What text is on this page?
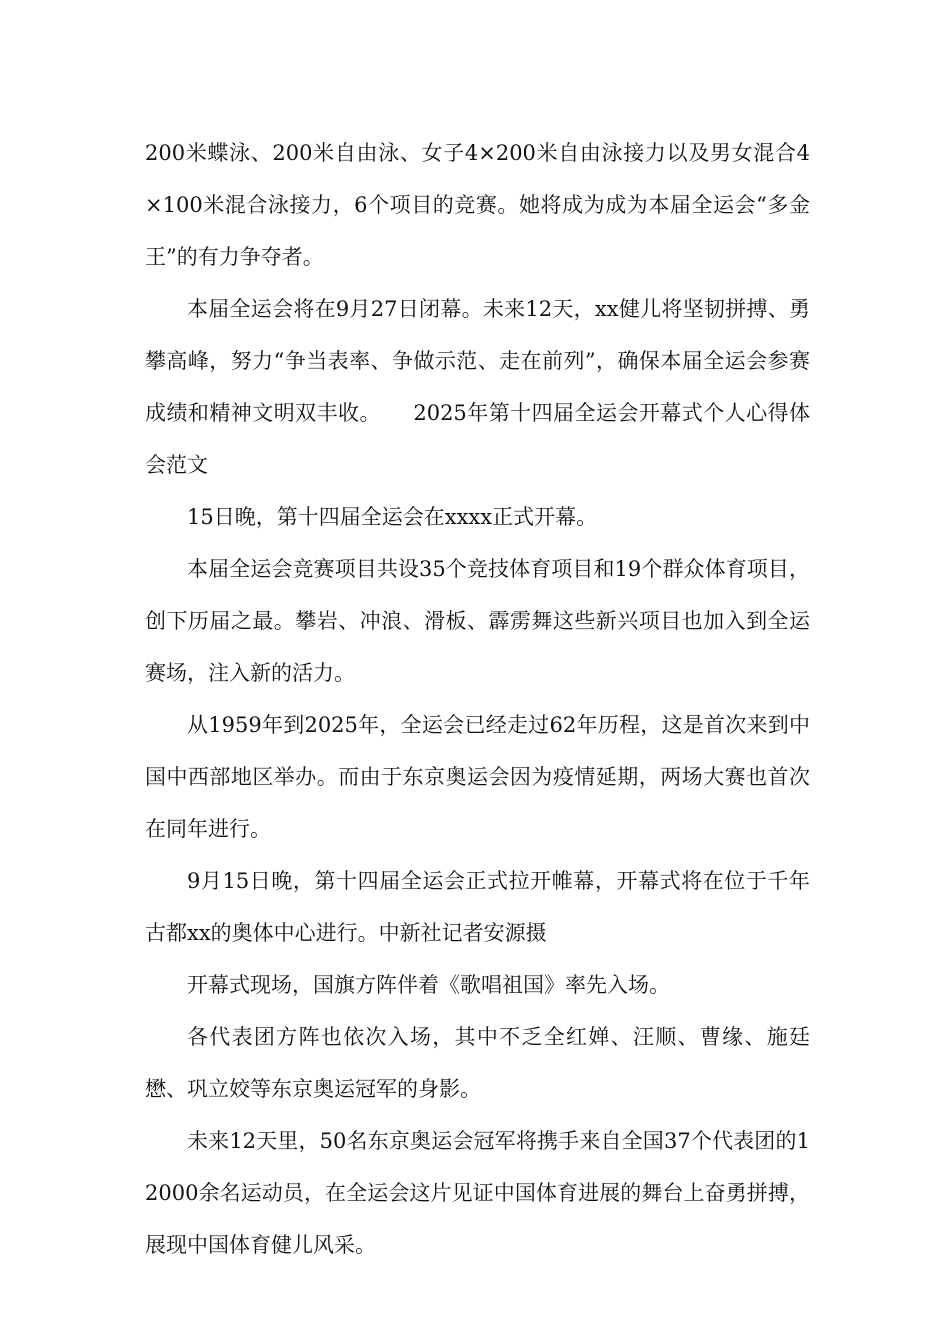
200米蝶泳、200米自由泳、女子4×200米自由泳接力以及男女混合4×100米混合泳接力，6个项目的竞赛。她将成为成为本届全运会“多金王”的有力争夺者。

本届全运会将在9月27日闭幕。未来12天，xx健儿将坚韧拼搏、勇攀高峰，努力“争当表率、争做示范、走在前列”，确保本届全运会参赛成绩和精神文明双丰收。　　2025年第十四届全运会开幕式个人心得体会范文

15日晚，第十四届全运会在xxxx正式开幕。

本届全运会竞赛项目共设35个竞技体育项目和19个群众体育项目，创下历届之最。攀岩、冲浪、滑板、霹雳舞这些新兴项目也加入到全运赛场，注入新的活力。

从1959年到2025年，全运会已经走过62年历程，这是首次来到中国中西部地区举办。而由于东京奥运会因为疫情延期，两场大赛也首次在同年进行。

9月15日晚，第十四届全运会正式拉开帷幕，开幕式将在位于千年古都xx的奥体中心进行。中新社记者安源摄

开幕式现场，国旗方阵伴着《歌唱祖国》率先入场。

各代表团方阵也依次入场，其中不乏全红婵、汪顺、曹缘、施廷懋、巩立姣等东京奥运冠军的身影。

未来12天里，50名东京奥运会冠军将携手来自全国37个代表团的12000余名运动员，在全运会这片见证中国体育进展的舞台上奋勇拼搏，展现中国体育健儿风采。
